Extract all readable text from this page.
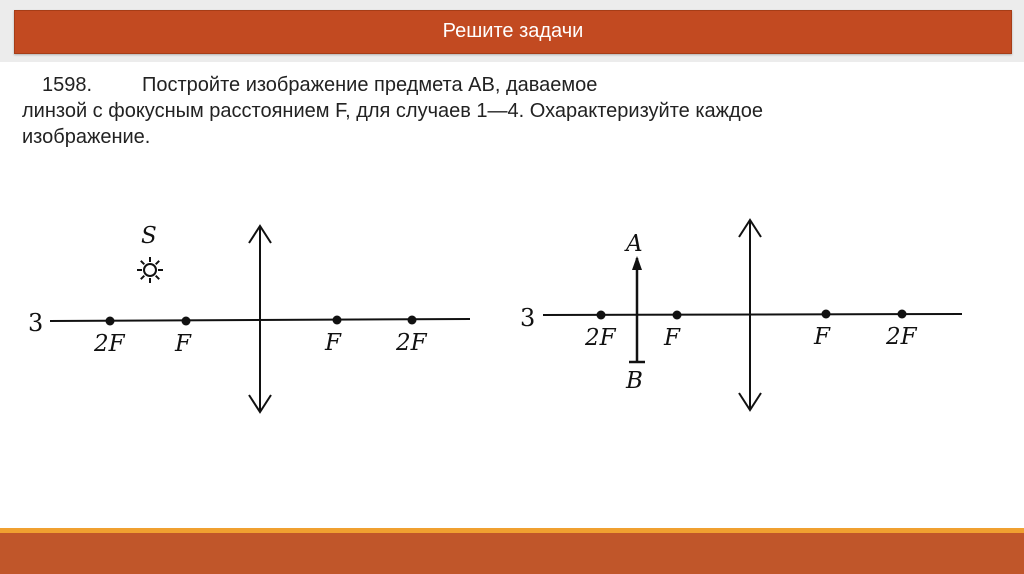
Решите задачи
1598. Постройте изображение предмета АВ, даваемое
линзой с фокусным расстоянием F, для случаев 1—4. Охарактеризуйте каждое
изображение.
3
2F F	F 2F
S
3
A
B
2F F	F 2F
